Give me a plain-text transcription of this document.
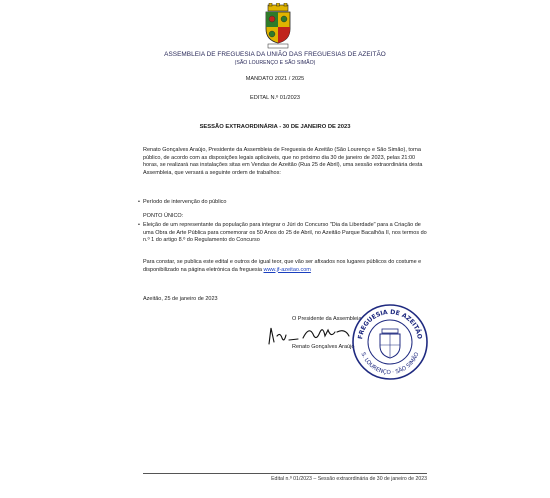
ASSEMBLEIA DE FREGUESIA DA UNIÃO DAS FREGUESIAS DE AZEITÃO
(SÃO LOURENÇO E SÃO SIMÃO)
MANDATO 2021 / 2025
EDITAL N.º 01/2023
SESSÃO EXTRAORDINÁRIA - 30 DE JANEIRO DE 2023
Renato Gonçalves Araújo, Presidente da Assembleia de Freguesia de Azeitão (São Lourenço e São Simão), torna público, de acordo com as disposições legais aplicáveis, que no próximo dia 30 de janeiro de 2023, pelas 21:00 horas, se realizará nas instalações sitas em Vendas de Azeitão (Rua 25 de Abril), uma sessão extraordinária desta Assembleia, que versará a seguinte ordem de trabalhos:
• Período de intervenção do público
PONTO ÚNICO:
• Eleição de um representante da população para integrar o Júri do Concurso "Dia da Liberdade" para a Criação de uma Obra de Arte Pública para comemorar os 50 Anos do 25 de Abril, no Azeitão Parque Bacalhôa II, nos termos do n.º 1 do artigo 8.º do Regulamento do Concurso
Para constar, se publica este edital e outros de igual teor, que vão ser afixados nos lugares públicos do costume e disponibilizado na página eletrónica da freguesia www.jf-azeitao.com
Azeitão, 25 de janeiro de 2023
O Presidente da Assembleia
Renato Gonçalves Araújo
FREGUESIA DE AZEITÃO
S. LOURENÇO · SÃO SIMÃO
Edital n.º 01/2023 – Sessão extraordinária de 30 de janeiro de 2023
